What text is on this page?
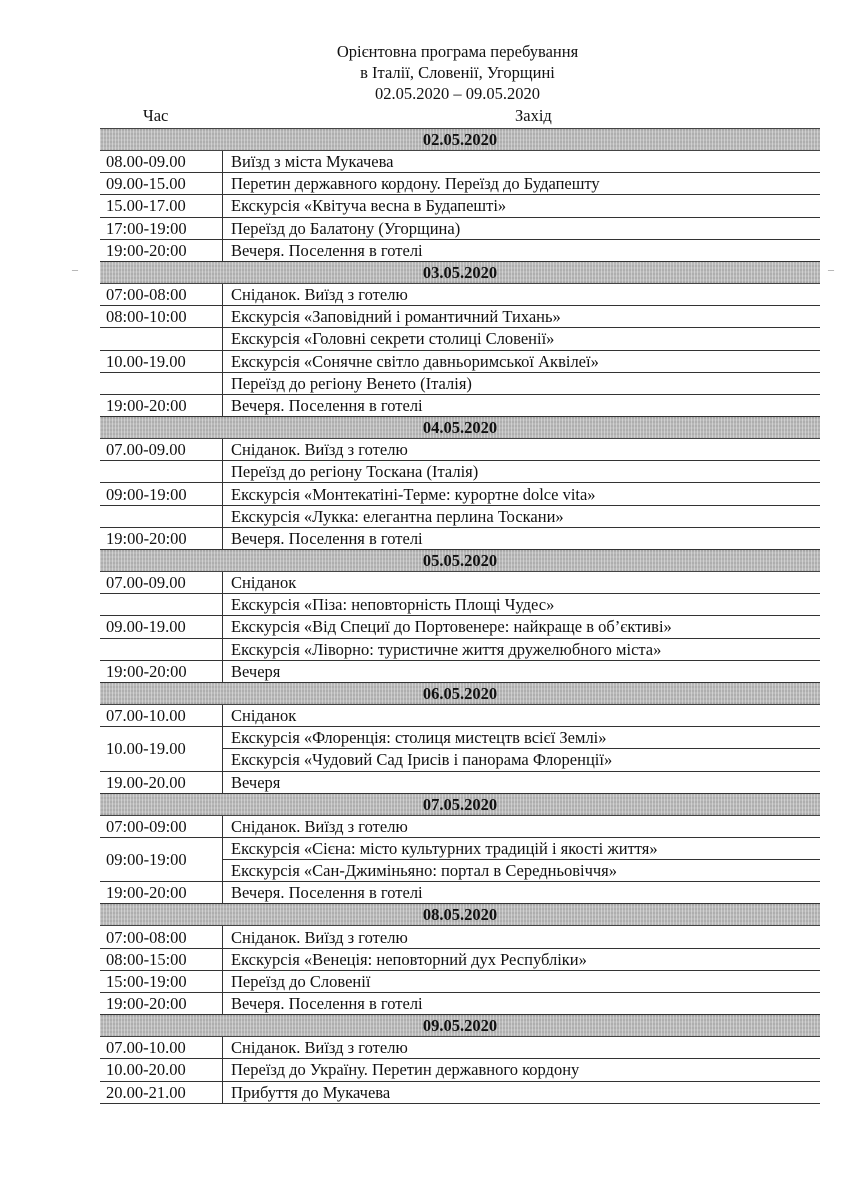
Орієнтовна програма перебування
в Італії, Словенії, Угорщині
02.05.2020 – 09.05.2020
Час	Захід
02.05.2020	
08.00-09.00	Виїзд з міста Мукачева
09.00-15.00	Перетин державного кордону. Переїзд до Будапешту
15.00-17.00	Екскурсія «Квітуча весна в Будапешті»
17:00-19:00	Переїзд до Балатону (Угорщина)
19:00-20:00	Вечеря. Поселення в готелі
03.05.2020	
07:00-08:00	Сніданок. Виїзд з готелю
08:00-10:00	Екскурсія «Заповідний і романтичний Тихань»
	Екскурсія «Головні секрети столиці Словенії»
10.00-19.00	Екскурсія «Сонячне світло давньоримської Аквілеї»
	Переїзд до регіону Венето (Італія)
19:00-20:00	Вечеря. Поселення в готелі
04.05.2020	
07.00-09.00	Сніданок. Виїзд з готелю
	Переїзд до регіону Тоскана (Італія)
09:00-19:00	Екскурсія «Монтекатіні-Терме: курортне dolce vita»
	Екскурсія «Лукка: елегантна перлина Тоскани»
19:00-20:00	Вечеря. Поселення в готелі
05.05.2020	
07.00-09.00	Сніданок
	Екскурсія «Піза: неповторність Площі Чудес»
09.00-19.00	Екскурсія «Від Специї до Портовенере: найкраще в об’єктиві»
	Екскурсія «Ліворно: туристичне життя дружелюбного міста»
19:00-20:00	Вечеря
06.05.2020	
07.00-10.00	Сніданок
10.00-19.00	Екскурсія «Флоренція: столиця мистецтв всієї Землі»
	Екскурсія «Чудовий Сад Ірисів і панорама Флоренції»
19.00-20.00	Вечеря
07.05.2020	
07:00-09:00	Сніданок. Виїзд з готелю
09:00-19:00	Екскурсія «Сієна: місто культурних традицій і якості життя»
	Екскурсія «Сан-Джиміньяно: портал в Середньовіччя»
19:00-20:00	Вечеря. Поселення в готелі
08.05.2020	
07:00-08:00	Сніданок. Виїзд з готелю
08:00-15:00	Екскурсія «Венеція: неповторний дух Республіки»
15:00-19:00	Переїзд до Словенії
19:00-20:00	Вечеря. Поселення в готелі
09.05.2020	
07.00-10.00	Сніданок. Виїзд з готелю
10.00-20.00	Переїзд до Україну. Перетин державного кордону
20.00-21.00	Прибуття до Мукачева
–	–
